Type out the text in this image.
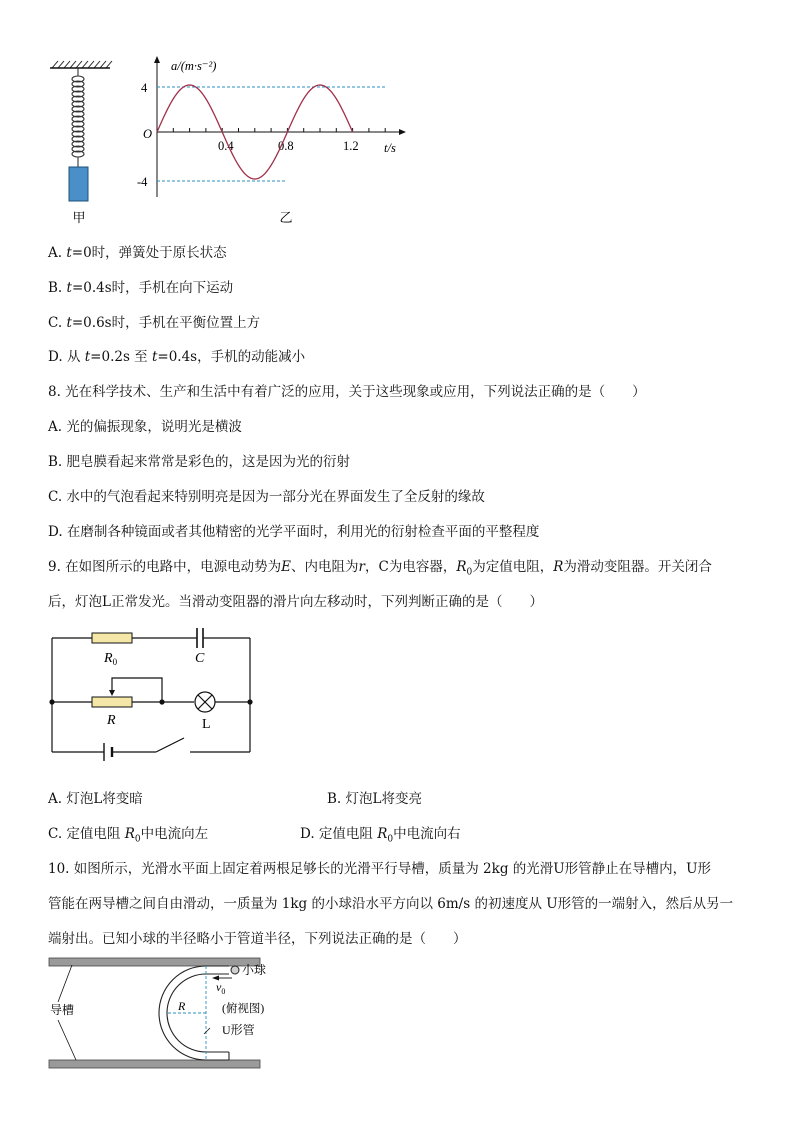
甲
a/(m·s⁻²)
t/s
O
4
-4
0.4	0.8	1.2
乙
A. t=0时，弹簧处于原长状态
B. t=0.4s时，手机在向下运动
C. t=0.6s时，手机在平衡位置上方
D. 从 t=0.2s 至 t=0.4s，手机的动能减小
8. 光在科学技术、生产和生活中有着广泛的应用，关于这些现象或应用，下列说法正确的是（　　）
A. 光的偏振现象，说明光是横波
B. 肥皂膜看起来常常是彩色的，这是因为光的衍射
C. 水中的气泡看起来特别明亮是因为一部分光在界面发生了全反射的缘故
D. 在磨制各种镜面或者其他精密的光学平面时，利用光的衍射检查平面的平整程度
9. 在如图所示的电路中，电源电动势为E、内电阻为r，C为电容器，$R_0$为定值电阻，R为滑动变阻器。开关闭合
后，灯泡L正常发光。当滑动变阻器的滑片向左移动时，下列判断正确的是（　　）
$R_0$	C
R	L
A. 灯泡L将变暗	B. 灯泡L将变亮
C. 定值电阻 $R_0$中电流向左	D. 定值电阻 $R_0$中电流向右
10. 如图所示，光滑水平面上固定着两根足够长的光滑平行导槽，质量为 2kg 的光滑U形管静止在导槽内，U形
管能在两导槽之间自由滑动，一质量为 1kg 的小球沿水平方向以 6m/s 的初速度从 U形管的一端射入，然后从另一
端射出。已知小球的半径略小于管道半径，下列说法正确的是（　　）
导槽
小球
$v_0$
R	(俯视图)
U形管
